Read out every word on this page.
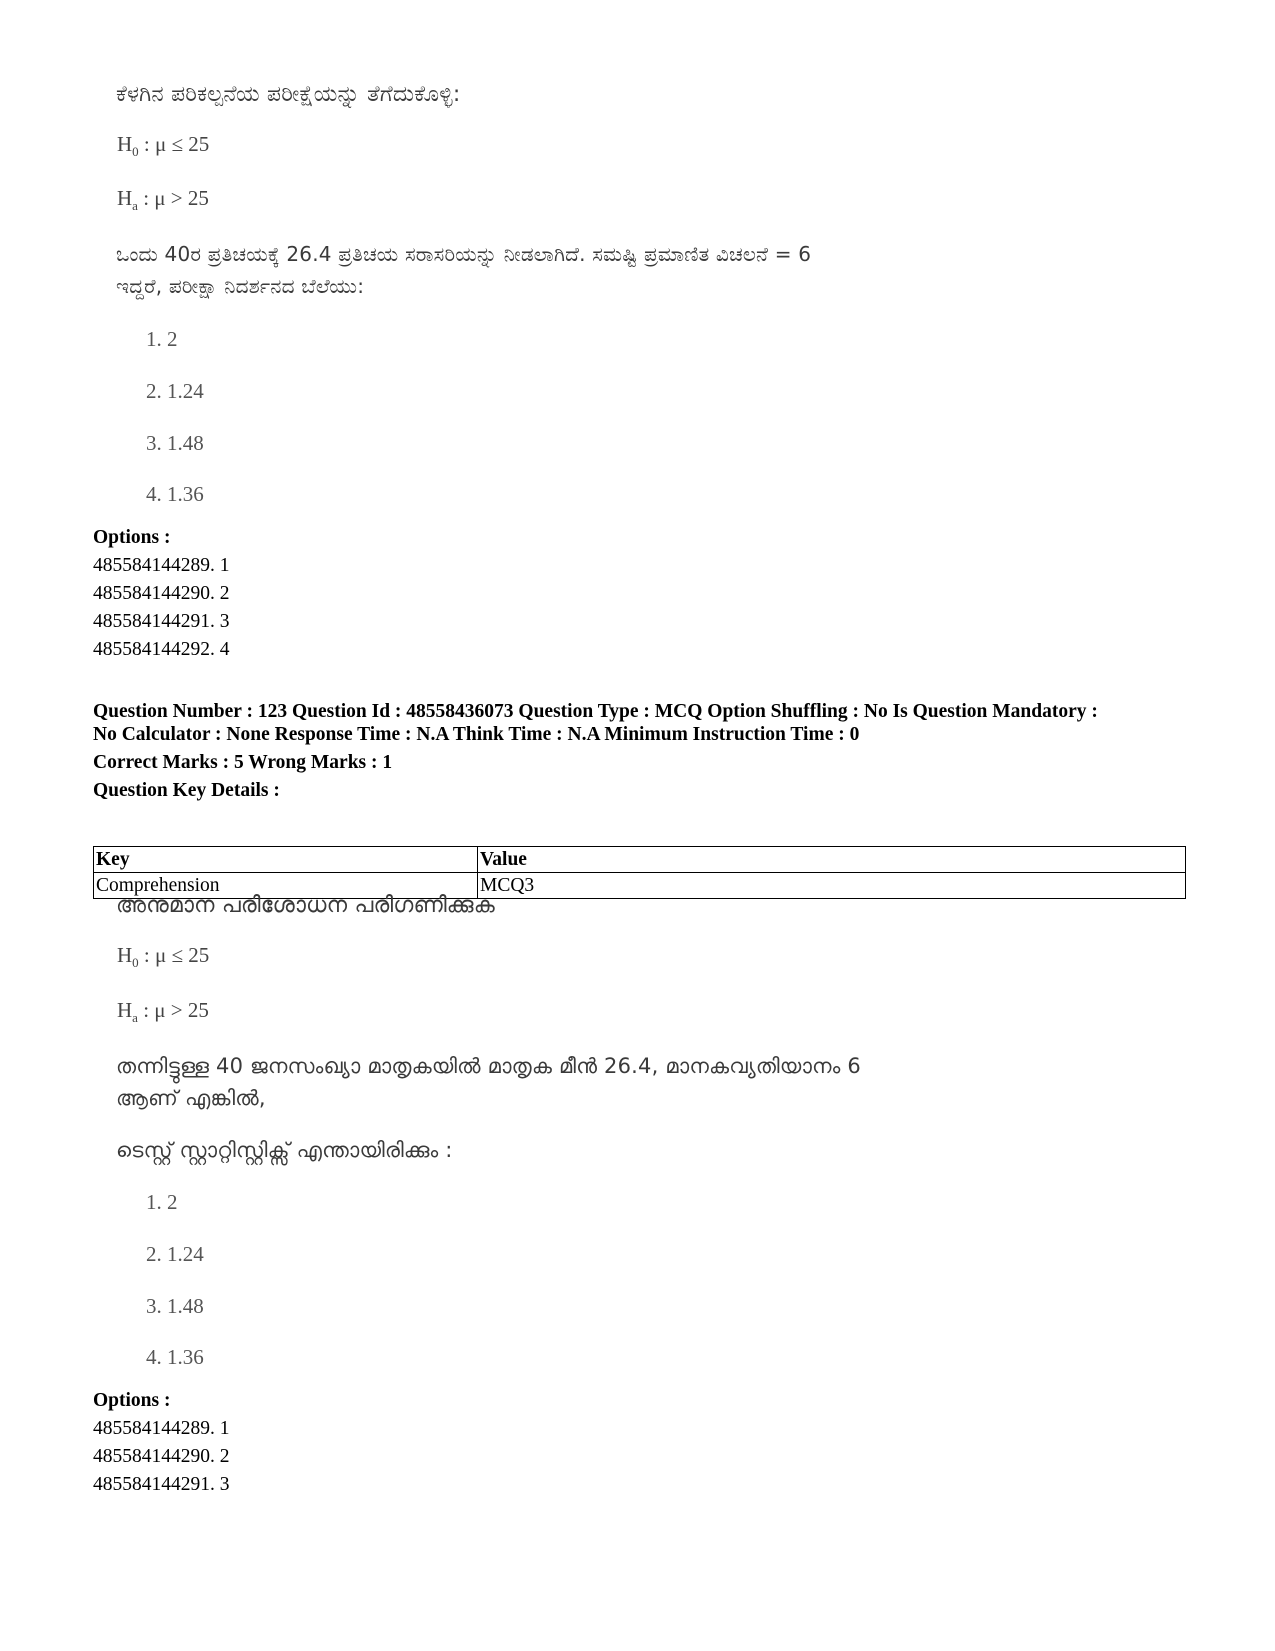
ಕೆಳಗಿನ ಪರಿಕಲ್ಪನೆಯ ಪರೀಕ್ಷೆಯನ್ನು ತೆಗೆದುಕೊಳ್ಳಿ:
$H_0$ : μ ≤ 25
$H_a$ : μ > 25
ಒಂದು 40ರ ಪ್ರತಿಚಯಕ್ಕೆ 26.4 ಪ್ರತಿಚಯ ಸರಾಸರಿಯನ್ನು ನೀಡಲಾಗಿದೆ. ಸಮಷ್ಟಿ ಪ್ರಮಾಣಿತ ವಿಚಲನೆ = 6
ಇದ್ದರೆ, ಪರೀಕ್ಷಾ ನಿದರ್ಶನದ ಬೆಲೆಯು:
1. 2
2. 1.24
3. 1.48
4. 1.36
Options :
485584144289. 1
485584144290. 2
485584144291. 3
485584144292. 4
Question Number : 123 Question Id : 48558436073 Question Type : MCQ Option Shuffling : No Is Question Mandatory :
No Calculator : None Response Time : N.A Think Time : N.A Minimum Instruction Time : 0
Correct Marks : 5 Wrong Marks : 1
Question Key Details :
Key	Value
Comprehension	MCQ3
അനുമാന പരിശോധന പരിഗണിക്കുക
$H_0$ : μ ≤ 25
$H_a$ : μ > 25
തന്നിട്ടുള്ള 40 ജനസംഖ്യാ മാതൃകയിൽ മാതൃക മീൻ 26.4, മാനകവ്യതിയാനം 6
ആണ് എങ്കിൽ,
ടെസ്റ്റ് സ്റ്റാറ്റിസ്റ്റിക്സ് എന്തായിരിക്കും :
1. 2
2. 1.24
3. 1.48
4. 1.36
Options :
485584144289. 1
485584144290. 2
485584144291. 3
